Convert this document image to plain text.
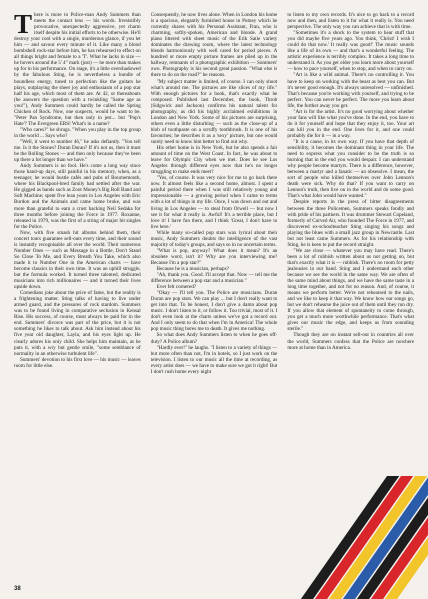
There is more to Police-man Andy Summers than meets the contact lens — his words. Irresistibly provocative, unexpectedly aggressive, yet charm itself despite his initial efforts to be otherwise. He'll destroy your cool with a single, murderous glance, if you let him — and savour every minute of it. Like many a blond bombshell rock-star before him, he has rehearsed to effect on all things bright and female to a 'T'. What he lacks in size — he hovers around the 5' 4" mark (just) — he more than makes up for in his performance. On stage, it's a little overshadowed by the fabulous Sting, he is nevertheless a bundle of boundless energy, tuned to perfection like the guitars he plays, outplaying the sheer joy and enthusiasm of a pop star half his age, which most of them are. At 42, or thereabouts (he answers the question with a twinkling "Same age as you!"), Andy Summers could hardly be called the Spring Chicken of Rock. Now, one suspects, would he want to be. "Peter Pan Syndrome, but then only in jest... but "Pop's Hate'? The Evergreen ERS! What's in a name?

"Who cares?" he shrugs. "When you play in the top group in the world ... Says who?

"Well, it went to number 46," he asks defiantly. "You tell me. Is it the Stones? Duran Duran? If it's not us, then it must be the Rolling Stones — and then only because they've been up there a lot longer than we have."

Andy Summers is no fool. He's come a long way since those hand-up days, still painful in his memory, when, as a teenager, he would hustle cafés and pubs of Bournemouth, where his Blackpool-bred family had settled after the war. He gigged as bands such as Zoot Money's Big Roll Band and Soft Machine; spent five lean years in Los Angeles with Eric Burdon and the Animals and came home broke, and was more than grateful to earn a crust backing Neil Sedaka for three months before joining the Force in 1977. Roxanne, released in 1979, was the first of a string of major hit singles for the Police.

Now, with five smash hit albums behind them, their concert tours guarantee sell-outs every time, and their sound is instantly recognisable all over the world. Their numerous Number Ones — such as Message in a Bottle, Don't Stand So Close To Me, and Every Breath You Take, which also made it to Number One in the American charts — have become classics in their own time. It was an uphill struggle, but the formula worked. It turned three talented, dedicated musicians into rich millionaires — and it turned their lives upside down.

Comedians joke about the price of fame, but the reality is a frightening matter. Sting talks of having to live under armed guard, and the pressures of rock stardom. Summers was to be found living in comparative seclusion in Kensal Rise. His success, of course, must always be paid for in the end. Summers' divorce was part of the price, but it is not something he likes to talk about. Ask him instead about his five year old daughter, Layla, and his eyes light up. He clearly adores his only child. She helps him maintain, as he puts it, with a wry but gentle smile, "some semblance of normality in an otherwise turbulent life".

Summers' devotion to his first love — his music — leaves room for little else.

Consequently, he now lives alone. When in London his home is a spacious, elegantly furnished house in Putney which he currently shares with his Personal Assistant, Fran, who is charming, softly-spoken, American and blonde. A grand piano littered with sheet music of the Erik Satie variety dominates the drawing room, where the latest technology blends harmoniously with well cared for period pieces. A hundred or more empty picture frames are piled up in the hallway, remnants of a photographic exhibition — Summers' own. Photography is his second great passion. "What else is there to do on the road?" he reasons.

"My subject matter is limited, of course. I can only shoot what's around me. The pictures are like slices of my life." With enough pictures for a book, that's exactly what he composed. Published last December, the book, Throb (Sidgwick and Jackson) confirms his natural talent for photography, as did his highly acclaimed exhibitions in London and New York. Some of his pictures are surprising, others even a little disturbing — such as the close-up of a blob of toothpaste on a scruffy toothbrush. It is one of his favourites; he describes it as a 'sexy' picture, but one would surely need to know him better to find out why.

His other home is in New York, but he also spends a fair amount of time on the West Coast. In fact, he was about to leave for Olympic City when we met. Does he see Los Angeles through different eyes now that he's no longer struggling to make ends meet?

"Yes, of course. It was very nice for me to go back there now. It almost feels like a second home, almost. I spent a painful period there when I was still relatively young and impressionable — a growing period when I came to terms with a lot of things in my life. Once, I was down and out and living in Los Angeles — to steal from Orwell — but now I see it for what it really is. Awful! It's a terrible place, but I love it! I have fun there, and I think 'Great, I don't have to live here.'

While many so-called pop stars wax lyrical about their music, Andy Summers doubts the intelligence of the vast majority of today's groups, and says so in no uncertain terms.

"What is pop, anyway? What does it mean? It's an obsolete word, isn't it? Why are you interviewing me? Because I'm a pop star?"

Because he is a musician, perhaps?

"Ah, thank you. Good. I'll accept that. Now — tell me the difference between a pop star and a musician."

Ever felt cornered?

"Okay — I'll tell you. The Police are musicians. Duran Duran are pop stars. We can play ... but I don't really want to get into that. To be honest, I don't give a damn about pop music. I don't listen to it, or follow it. Too trivial, most of it. I don't even look at the charts unless we've got a record out. And I only seem to do that when I'm in America! The whole pop music thing bores me to death. It gives me nothing.

So what does Andy Summers listen to when he goes off-duty? A Police album?

"Hardly ever!" he laughs. "I listen to a variety of things — but more often than not, I'm in hotels, so I just work on the television. I listen to our music all the time at recording, as every artist does — we have to make sure we got it right! But I don't rush home every night

to listen to my own records. It's nice to go back to a record now and then, and listen to it for what it really is. You need perspective. The only way you can achieve that is with time.

"Sometimes it's a shock to the system to hear stuff that you did maybe five years ago. You think, 'Christ! I wish I could do that now.' It really was good!' The music sounds like a life of its own — and that's a wonderful feeling. The artistic experience is terribly complex. It takes a long time to understand it. As you get older you learn more about yourself — how to pace yourself, when to stop, and when to carry on.

"Art is like a wild animal. There's no controlling it. You have to keep on working with the beast as best you can. But it's never good enough. It's always unresolved — unfinished. That's because you're working with yourself, and trying to be perfect. You can never be perfect. The more you learn about life, the further away you get.

"Art is for the artist. It's no good worrying about whether your fans will like what you've done. In the end, you have to do it for yourself and hope that they enjoy it, too. Your art can kill you in the end. One lives for it, and one could probably die for it — in a way.

"It is a cause, in its own way. If you have that depth of sensibility, it becomes the dominant thing in your life. The need to express what you consider to be the truth is so burning that in the end you would despair. I can understand why people become martyrs. There is a difference, however, between a martyr and a fanatic — an obsessive. I mean, the sort of people who killed themselves over John Lennon's death were sick. Why do that? If you want to carry on Lennon's truth, then live on in the world and do some good. That's what John would have wanted."

Despite reports in the press of bitter disagreements between the three Policemen, Summers speaks fondly and with pride of his partners. It was drummer Stewart Copeland, formerly of Curved Air, who founded The Force in 1977, and discovered ex-schoolteacher Sting singing his songs and playing the blues with a small jazz group in Newcastle. Last but not least came Summers. As for his relationship with Sting, he is keen to put the record straight.

"We are close — whatever you may have read. There's been a lot of rubbish written about us not getting on, but that's exactly what it is — rubbish. There's no room for petty jealousies in our band. Sting and I understand each other because we see the world in the same way. We are often of the same mind about things, and we have the same taste in a long time together, and not for no reason. And, of course, it means we perform better. We're not rehearsed to the nails, and we like to keep it that way. We know how our songs go, but we don't rehearse the juice out of them until they run dry. If you allow that element of spontaneity to come through, you get a much more worthwhile performance. That's what gives our music the edge, and keeps us from sounding sterile."

Though they are on instant sell-out in countries all over the world, Summers confess that the Police are nowhere more at home than in America.

38
